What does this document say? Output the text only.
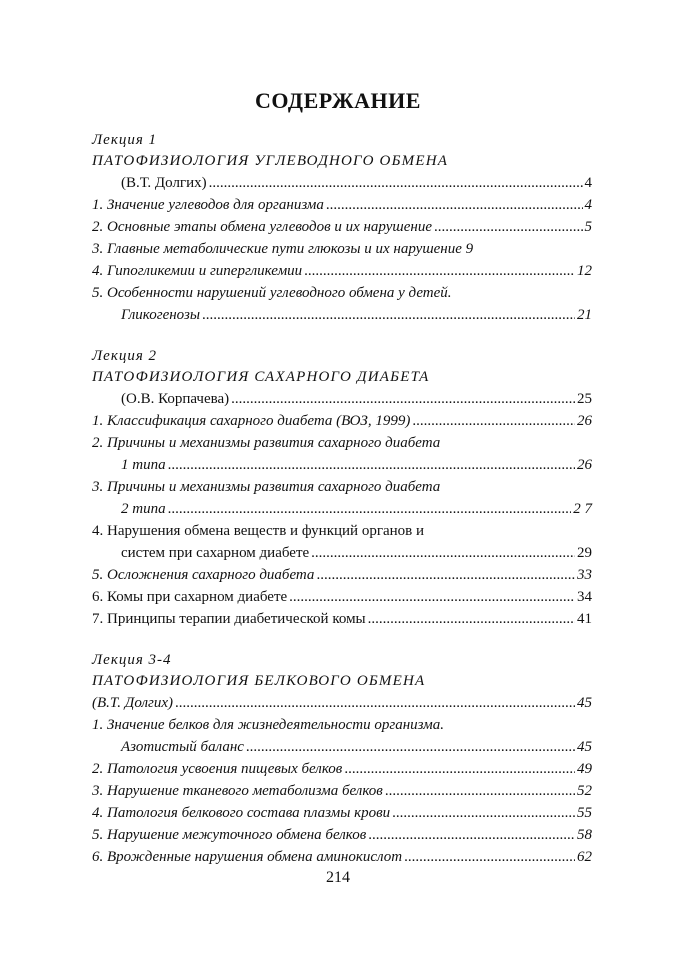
СОДЕРЖАНИЕ
Лекция 1
ПАТОФИЗИОЛОГИЯ УГЛЕВОДНОГО ОБМЕНА
(В.Т. Долгих) .....	4
1. Значение углеводов для организма .....	4
2. Основные этапы обмена углеводов и их нарушение .....	5
3. Главные метаболические пути глюкозы и их нарушение 9
4. Гипогликемии и гипергликемии .....	12
5. Особенности нарушений углеводного обмена у детей.
Гликогенозы .....	21
Лекция 2
ПАТОФИЗИОЛОГИЯ САХАРНОГО ДИАБЕТА
(О.В. Корпачева) .....	25
1. Классификация сахарного диабета (ВОЗ, 1999) .....	26
2. Причины и механизмы развития сахарного диабета
1 типа .....	26
3. Причины и механизмы развития сахарного диабета
2 типа .....	2 7
4. Нарушения обмена веществ и функций органов и
систем при сахарном диабете .....	29
5. Осложнения сахарного диабета .....	33
6. Комы при сахарном диабете .....	34
7. Принципы терапии диабетической комы .....	41
Лекция 3-4
ПАТОФИЗИОЛОГИЯ БЕЛКОВОГО ОБМЕНА
(В.Т. Долгих) .....	45
1. Значение белков для жизнедеятельности организма.
Азотистый баланс .....	45
2. Патология усвоения пищевых белков .....	49
3. Нарушение тканевого метаболизма белков .....	52
4. Патология белкового состава плазмы крови .....	55
5. Нарушение межуточного обмена белков .....	58
6. Врожденные нарушения обмена аминокислот .....	62
214
